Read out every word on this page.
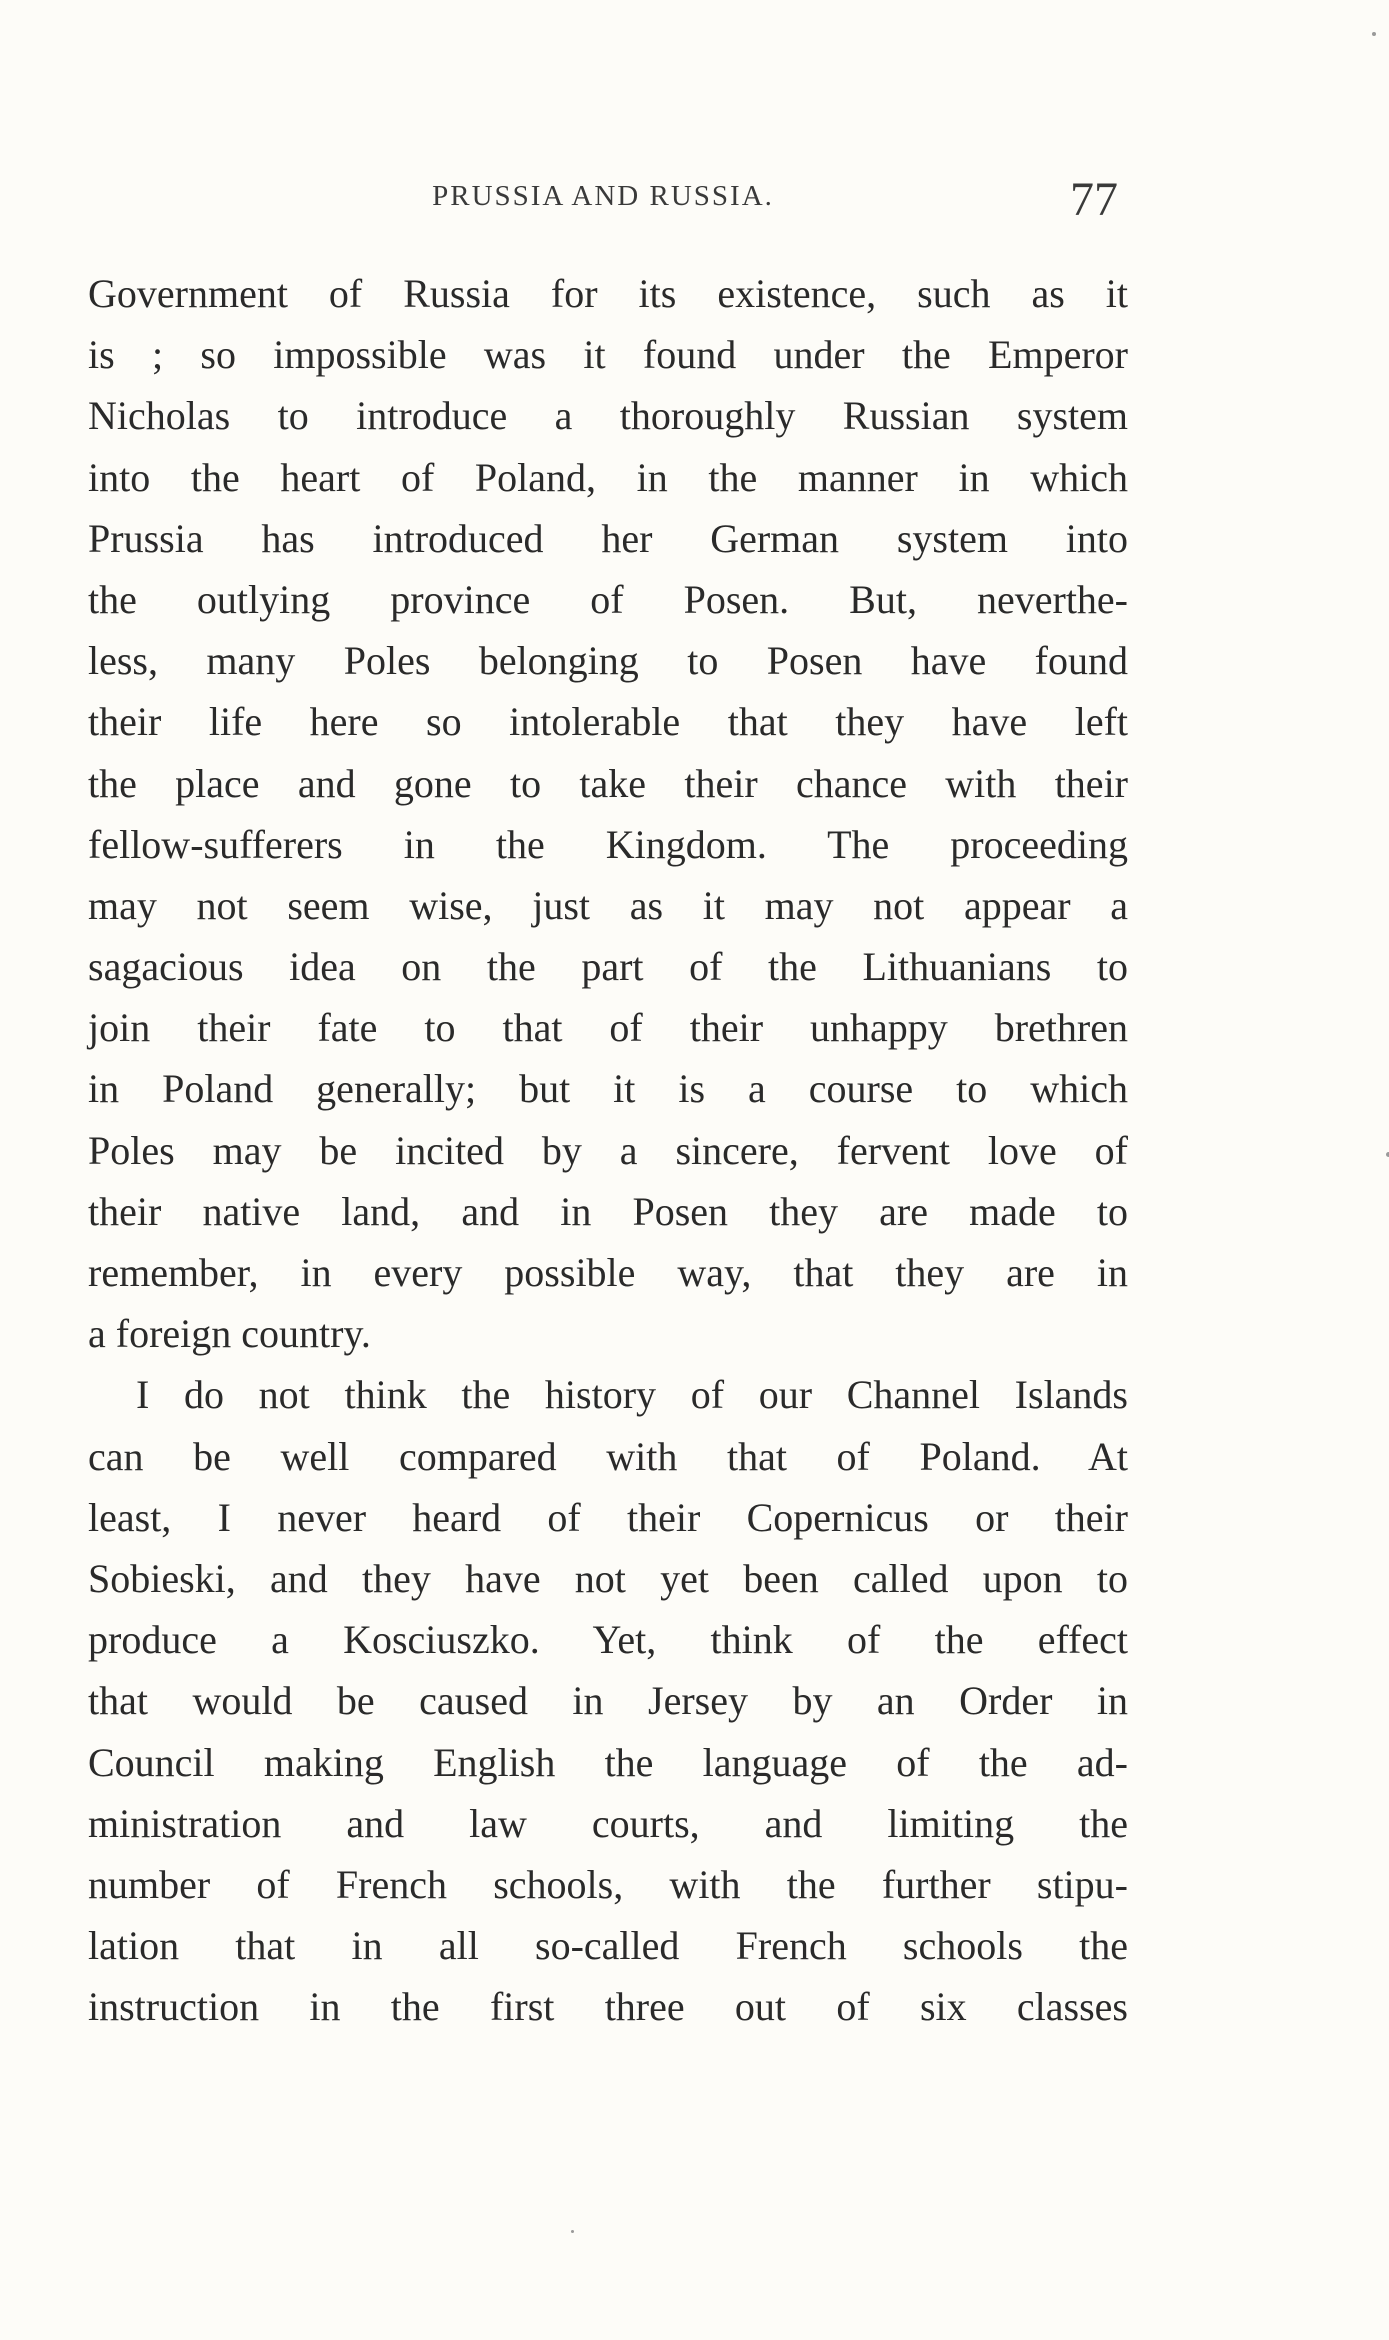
PRUSSIA AND RUSSIA.	77
Government of Russia for its existence, such as it
is ; so impossible was it found under the Emperor
Nicholas to introduce a thoroughly Russian system
into the heart of Poland, in the manner in which
Prussia has introduced her German system into
the outlying province of Posen. But, neverthe-
less, many Poles belonging to Posen have found
their life here so intolerable that they have left
the place and gone to take their chance with their
fellow-sufferers in the Kingdom. The proceeding
may not seem wise, just as it may not appear a
sagacious idea on the part of the Lithuanians to
join their fate to that of their unhappy brethren
in Poland generally; but it is a course to which
Poles may be incited by a sincere, fervent love of
their native land, and in Posen they are made to
remember, in every possible way, that they are in
a foreign country.
I do not think the history of our Channel Islands
can be well compared with that of Poland. At
least, I never heard of their Copernicus or their
Sobieski, and they have not yet been called upon to
produce a Kosciuszko. Yet, think of the effect
that would be caused in Jersey by an Order in
Council making English the language of the ad-
ministration and law courts, and limiting the
number of French schools, with the further stipu-
lation that in all so-called French schools the
instruction in the first three out of six classes
